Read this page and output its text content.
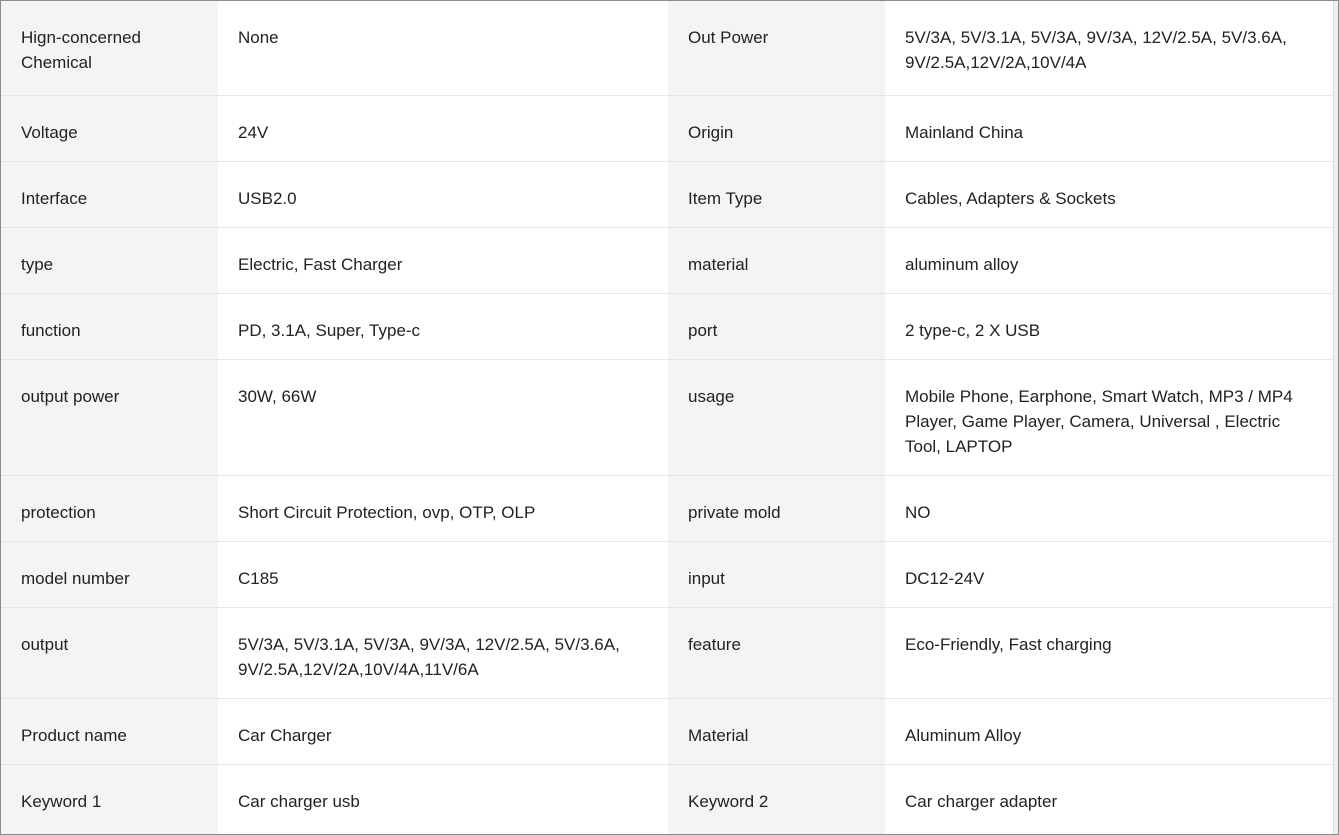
Hign-concerned Chemical	None	Out Power	5V/3A, 5V/3.1A, 5V/3A, 9V/3A, 12V/2.5A, 5V/3.6A, 9V/2.5A,12V/2A,10V/4A
Voltage	24V	Origin	Mainland China
Interface	USB2.0	Item Type	Cables, Adapters & Sockets
type	Electric, Fast Charger	material	aluminum alloy
function	PD, 3.1A, Super, Type-c	port	2 type-c, 2 X USB
output power	30W, 66W	usage	Mobile Phone, Earphone, Smart Watch, MP3 / MP4 Player, Game Player, Camera, Universal , Electric Tool, LAPTOP
protection	Short Circuit Protection, ovp, OTP, OLP	private mold	NO
model number	C185	input	DC12-24V
output	5V/3A, 5V/3.1A, 5V/3A, 9V/3A, 12V/2.5A, 5V/3.6A, 9V/2.5A,12V/2A,10V/4A,11V/6A	feature	Eco-Friendly, Fast charging
Product name	Car Charger	Material	Aluminum Alloy
Keyword 1	Car charger usb	Keyword 2	Car charger adapter
